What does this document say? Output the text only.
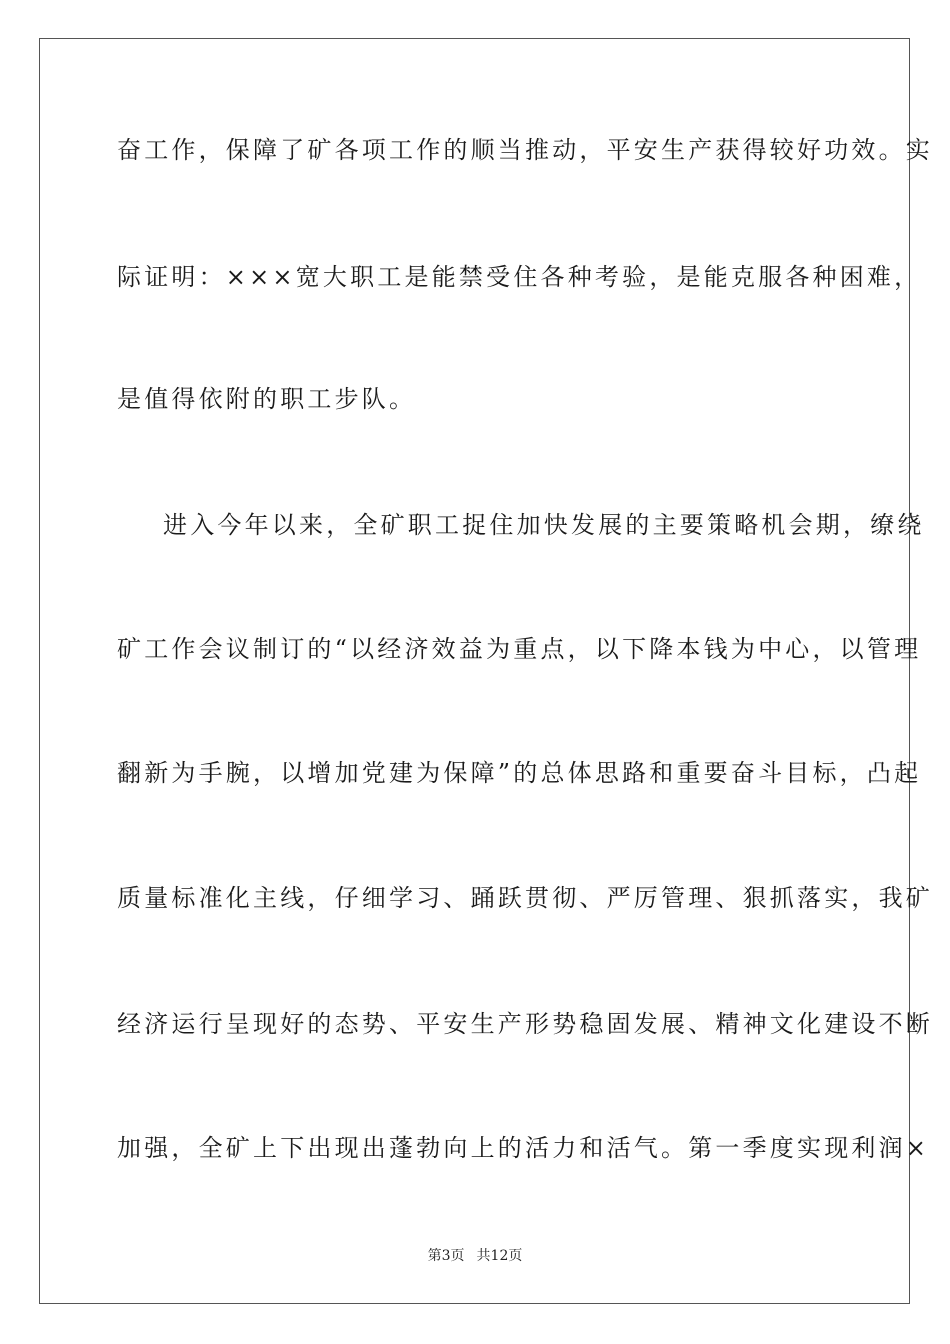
奋工作，保障了矿各项工作的顺当推动，平安生产获得较好功效。实
际证明：×××宽大职工是能禁受住各种考验，是能克服各种困难，
是值得依附的职工步队。
进入今年以来，全矿职工捉住加快发展的主要策略机会期，缭绕
矿工作会议制订的“以经济效益为重点，以下降本钱为中心，以管理
翻新为手腕，以增加党建为保障”的总体思路和重要奋斗目标，凸起
质量标准化主线，仔细学习、踊跃贯彻、严厉管理、狠抓落实，我矿
经济运行呈现好的态势、平安生产形势稳固发展、精神文化建设不断
加强，全矿上下出现出蓬勃向上的活力和活气。第一季度实现利润×
第3页 共12页
